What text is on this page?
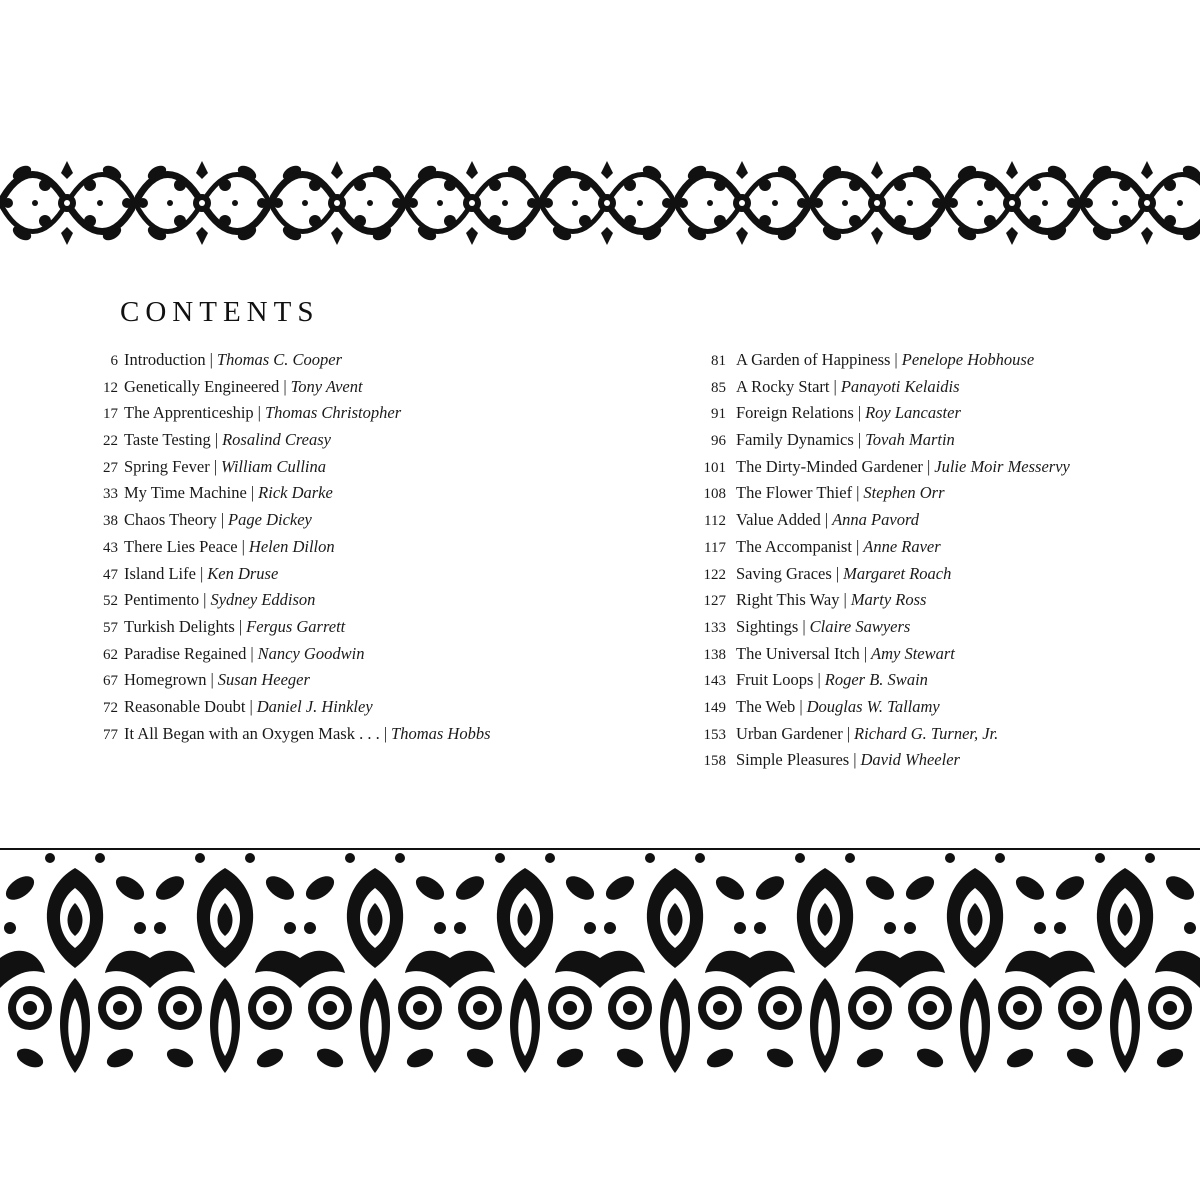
CONTENTS
6 Introduction | Thomas C. Cooper
12 Genetically Engineered | Tony Avent
17 The Apprenticeship | Thomas Christopher
22 Taste Testing | Rosalind Creasy
27 Spring Fever | William Cullina
33 My Time Machine | Rick Darke
38 Chaos Theory | Page Dickey
43 There Lies Peace | Helen Dillon
47 Island Life | Ken Druse
52 Pentimento | Sydney Eddison
57 Turkish Delights | Fergus Garrett
62 Paradise Regained | Nancy Goodwin
67 Homegrown | Susan Heeger
72 Reasonable Doubt | Daniel J. Hinkley
77 It All Began with an Oxygen Mask . . . | Thomas Hobbs
81 A Garden of Happiness | Penelope Hobhouse
85 A Rocky Start | Panayoti Kelaidis
91 Foreign Relations | Roy Lancaster
96 Family Dynamics | Tovah Martin
101 The Dirty-Minded Gardener | Julie Moir Messervy
108 The Flower Thief | Stephen Orr
112 Value Added | Anna Pavord
117 The Accompanist | Anne Raver
122 Saving Graces | Margaret Roach
127 Right This Way | Marty Ross
133 Sightings | Claire Sawyers
138 The Universal Itch | Amy Stewart
143 Fruit Loops | Roger B. Swain
149 The Web | Douglas W. Tallamy
153 Urban Gardener | Richard G. Turner, Jr.
158 Simple Pleasures | David Wheeler
